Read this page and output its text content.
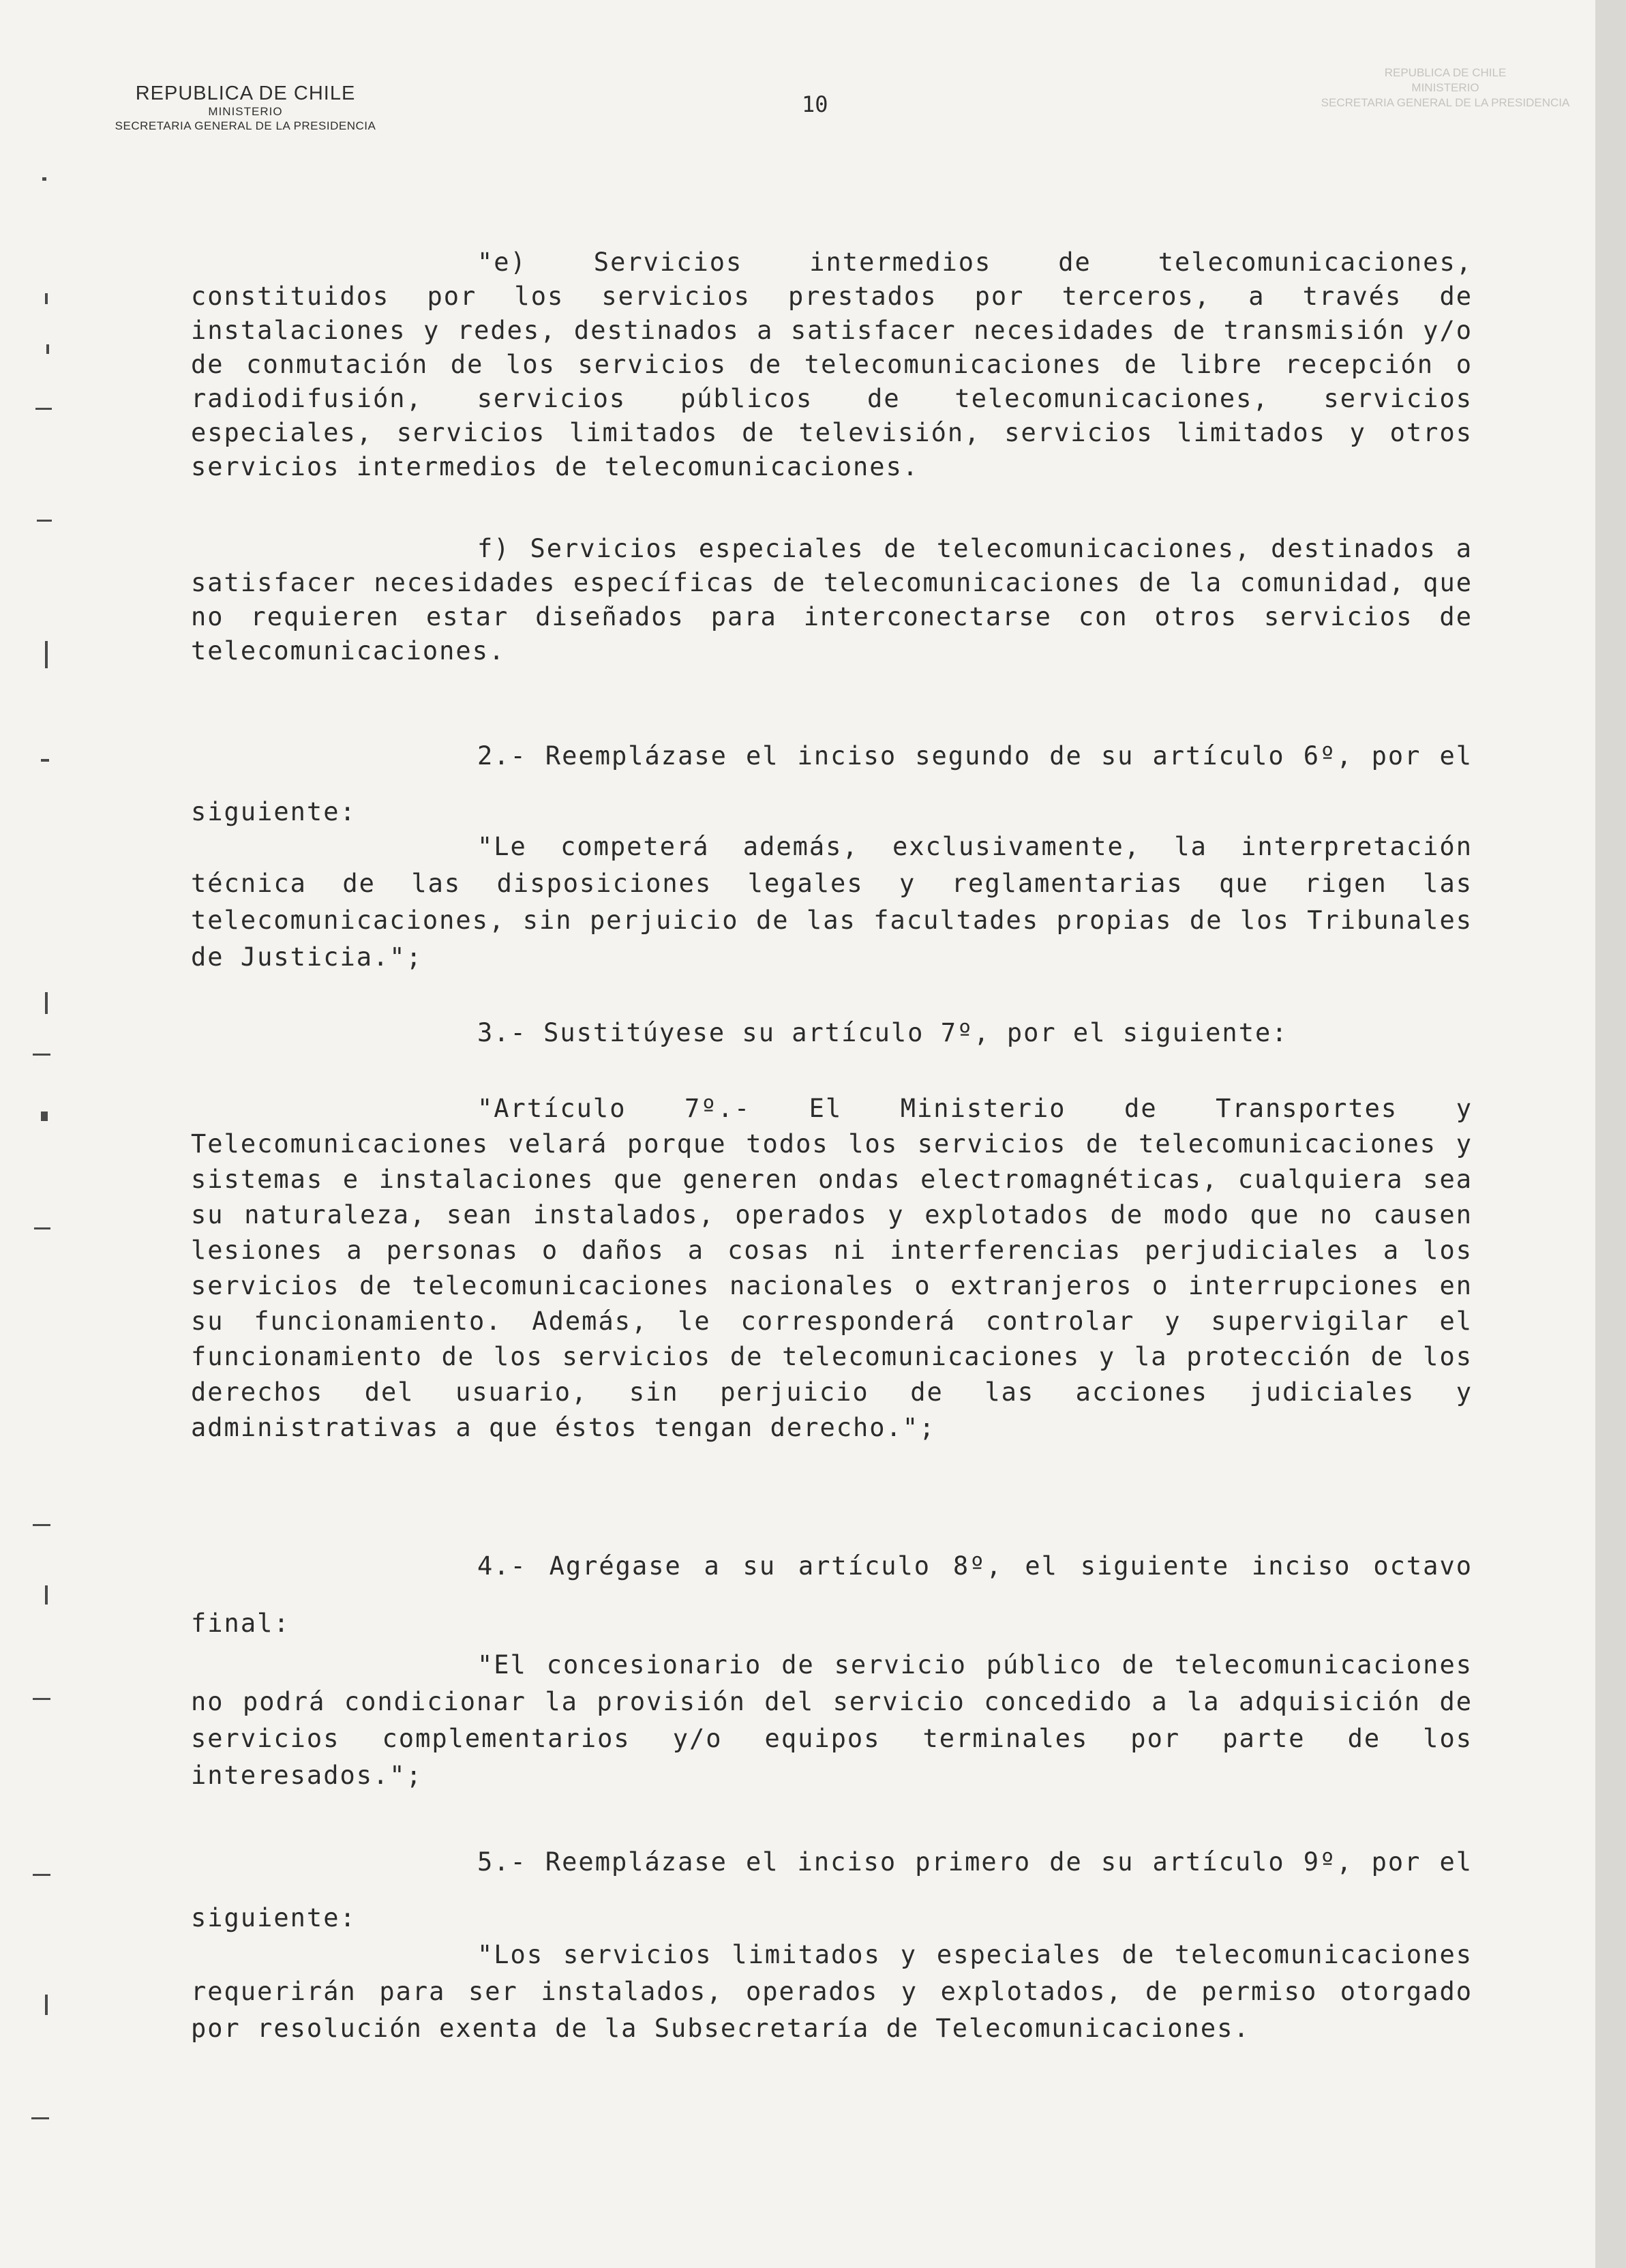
REPUBLICA DE CHILE
MINISTERIO
SECRETARIA GENERAL DE LA PRESIDENCIA
REPUBLICA DE CHILE
MINISTERIO
SECRETARIA GENERAL DE LA PRESIDENCIA
10
"e) Servicios intermedios de telecomunicaciones, constituidos por los servicios prestados por terceros, a través de instalaciones y redes, destinados a satisfacer necesidades de transmisión y/o de conmutación de los servicios de telecomunicaciones de libre recepción o radiodifusión, servicios públicos de telecomunicaciones, servicios especiales, servicios limitados de televisión, servicios limitados y otros servicios intermedios de telecomunicaciones.
f) Servicios especiales de telecomunicaciones, destinados a satisfacer necesidades específicas de telecomunicaciones de la comunidad, que no requieren estar diseñados para interconectarse con otros servicios de telecomunicaciones.
2.- Reemplázase el inciso segundo de su artículo 6º, por el siguiente:
"Le competerá además, exclusivamente, la interpretación técnica de las disposiciones legales y reglamentarias que rigen las telecomunicaciones, sin perjuicio de las facultades propias de los Tribunales de Justicia.";
3.- Sustitúyese su artículo 7º, por el siguiente:
"Artículo 7º.- El Ministerio de Transportes y Telecomunicaciones velará porque todos los servicios de telecomunicaciones y sistemas e instalaciones que generen ondas electromagnéticas, cualquiera sea su naturaleza, sean instalados, operados y explotados de modo que no causen lesiones a personas o daños a cosas ni interferencias perjudiciales a los servicios de telecomunicaciones nacionales o extranjeros o interrupciones en su funcionamiento. Además, le corresponderá controlar y supervigilar el funcionamiento de los servicios de telecomunicaciones y la protección de los derechos del usuario, sin perjuicio de las acciones judiciales y administrativas a que éstos tengan derecho.";
4.- Agrégase a su artículo 8º, el siguiente inciso octavo final:
"El concesionario de servicio público de telecomunicaciones no podrá condicionar la provisión del servicio concedido a la adquisición de servicios complementarios y/o equipos terminales por parte de los interesados.";
5.- Reemplázase el inciso primero de su artículo 9º, por el siguiente:
"Los servicios limitados y especiales de telecomunicaciones requerirán para ser instalados, operados y explotados, de permiso otorgado por resolución exenta de la Subsecretaría de Telecomunicaciones.
